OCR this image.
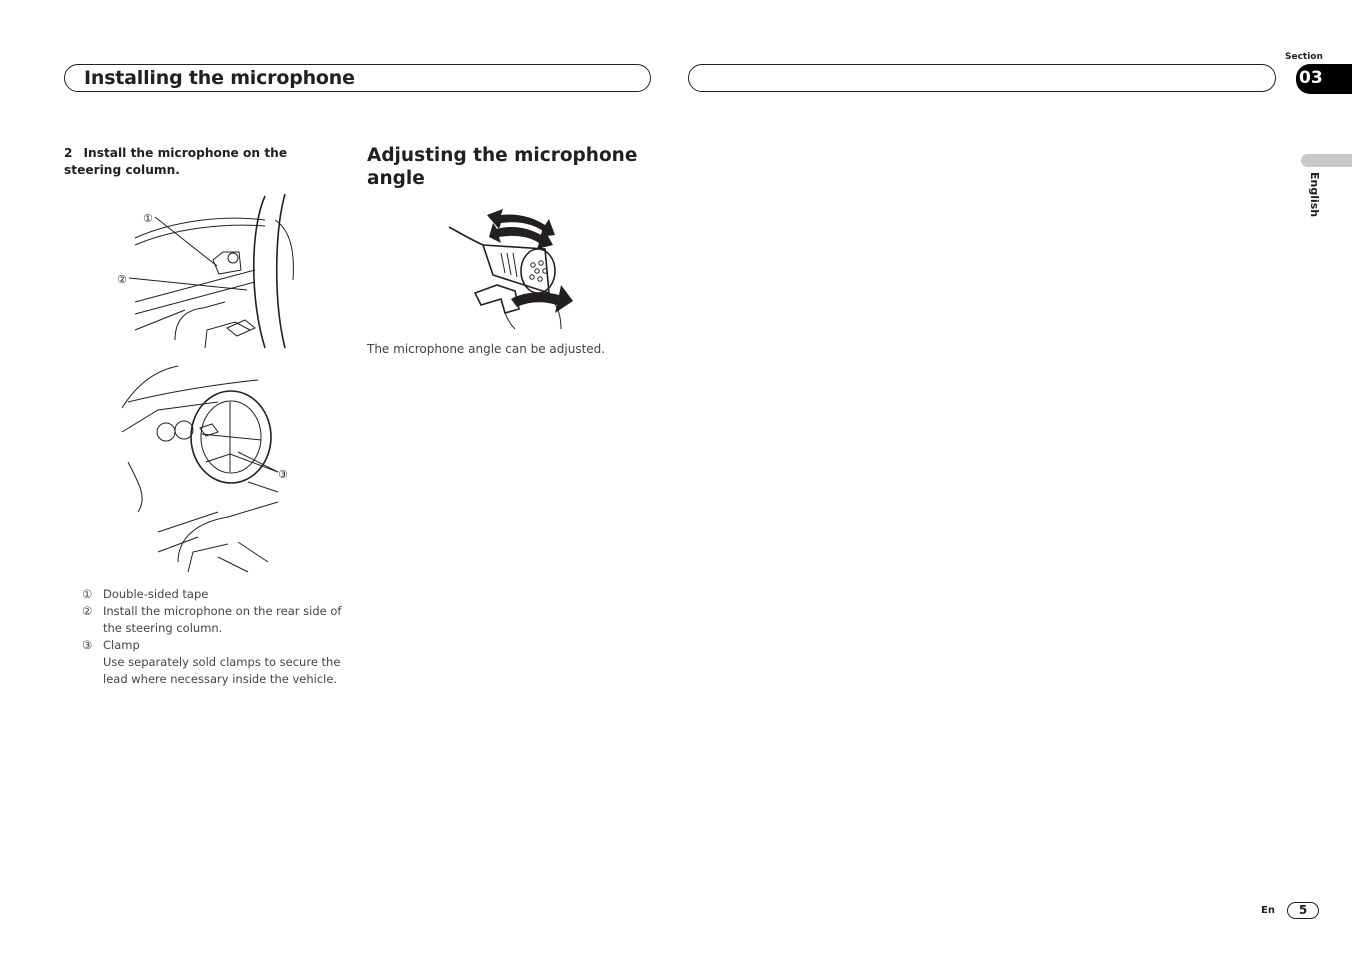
Installing the microphone
Section
03
English
2 Install the microphone on the steering column.
①
②
③
① Double-sided tape
② Install the microphone on the rear side of the steering column.
③ Clamp
Use separately sold clamps to secure the lead where necessary inside the vehicle.
Adjusting the microphone angle
The microphone angle can be adjusted.
En	5
